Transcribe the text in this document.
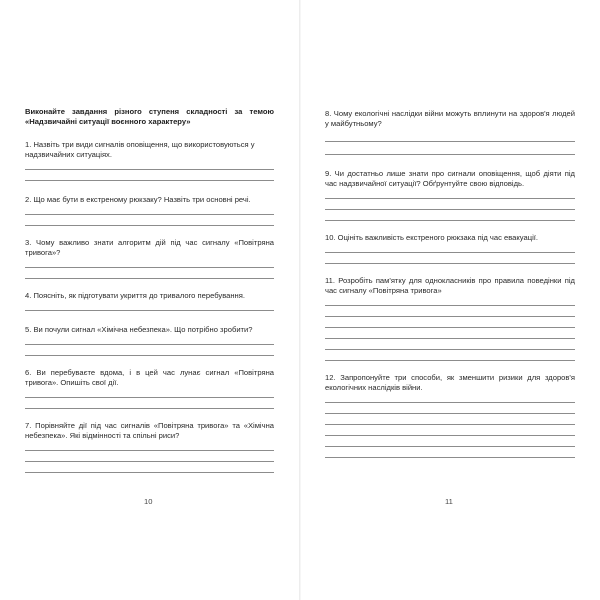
Виконайте завдання різного ступеня складності за темою «Надзвичайні ситуації воєнного характеру»

1. Назвіть три види сигналів оповіщення, що використовуються у надзвичайних ситуаціях.

2. Що має бути в екстреному рюкзаку? Назвіть три основні речі.

3. Чому важливо знати алгоритм дій під час сигналу «Повітряна тривога»?

4. Поясніть, як підготувати укриття до тривалого перебування.

5. Ви почули сигнал «Хімічна небезпека». Що потрібно зробити?

6. Ви перебуваєте вдома, і в цей час лунає сигнал «Повітряна тривога». Опишіть свої дії.

7. Порівняйте дії під час сигналів «Повітряна тривога» та «Хімічна небезпека». Які відмінності та спільні риси?

10

8. Чому екологічні наслідки війни можуть вплинути на здоров'я людей у майбутньому?

9. Чи достатньо лише знати про сигнали оповіщення, щоб діяти під час надзвичайної ситуації? Обґрунтуйте свою відповідь.

10. Оцініть важливість екстреного рюкзака під час евакуації.

11. Розробіть пам'ятку для однокласників про правила поведінки під час сигналу «Повітряна тривога»

12. Запропонуйте три способи, як зменшити ризики для здоров'я екологічних наслідків війни.

11
